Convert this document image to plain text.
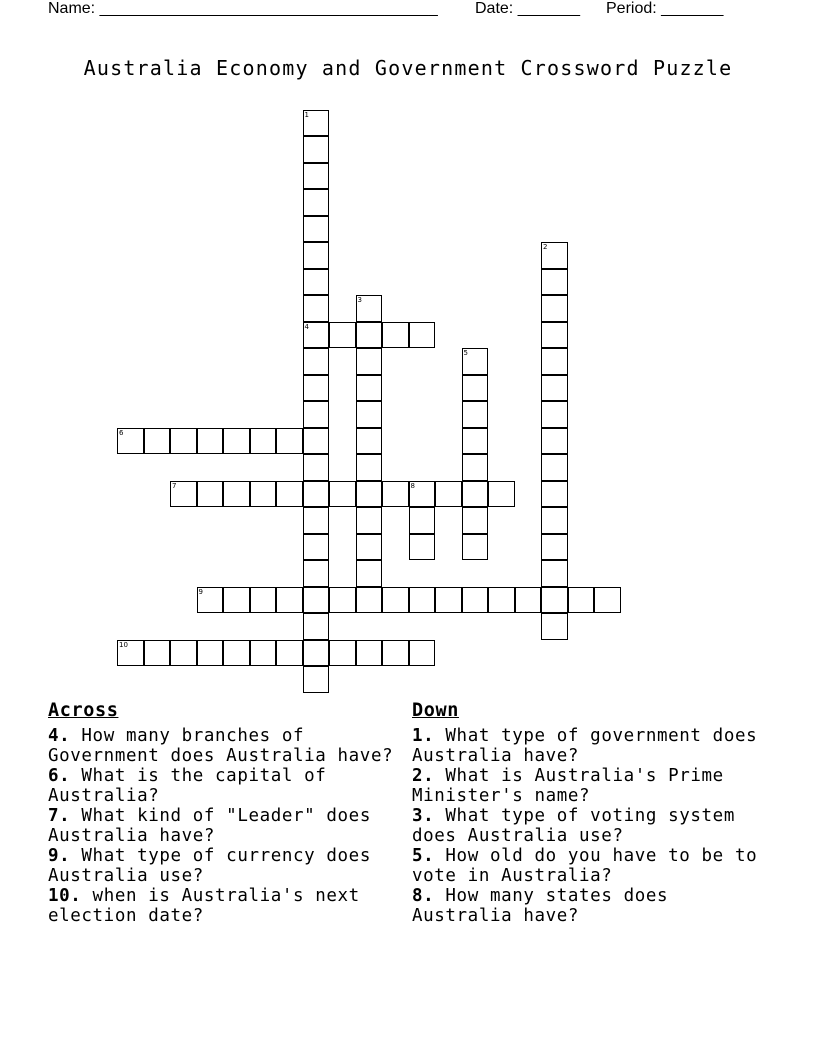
Name: ______________________________________

Date: _______

Period: _______

Australia Economy and Government Crossword Puzzle
1
4
2
3
5
6
7	8
9
10
Across

4. How many branches of Government does Australia have?

6. What is the capital of Australia?

7. What kind of "Leader" does Australia have?

9. What type of currency does Australia use?

10. when is Australia's next election date?

Down

1. What type of government does Australia have?

2. What is Australia's Prime Minister's name?

3. What type of voting system does Australia use?

5. How old do you have to be to vote in Australia?

8. How many states does Australia have?
